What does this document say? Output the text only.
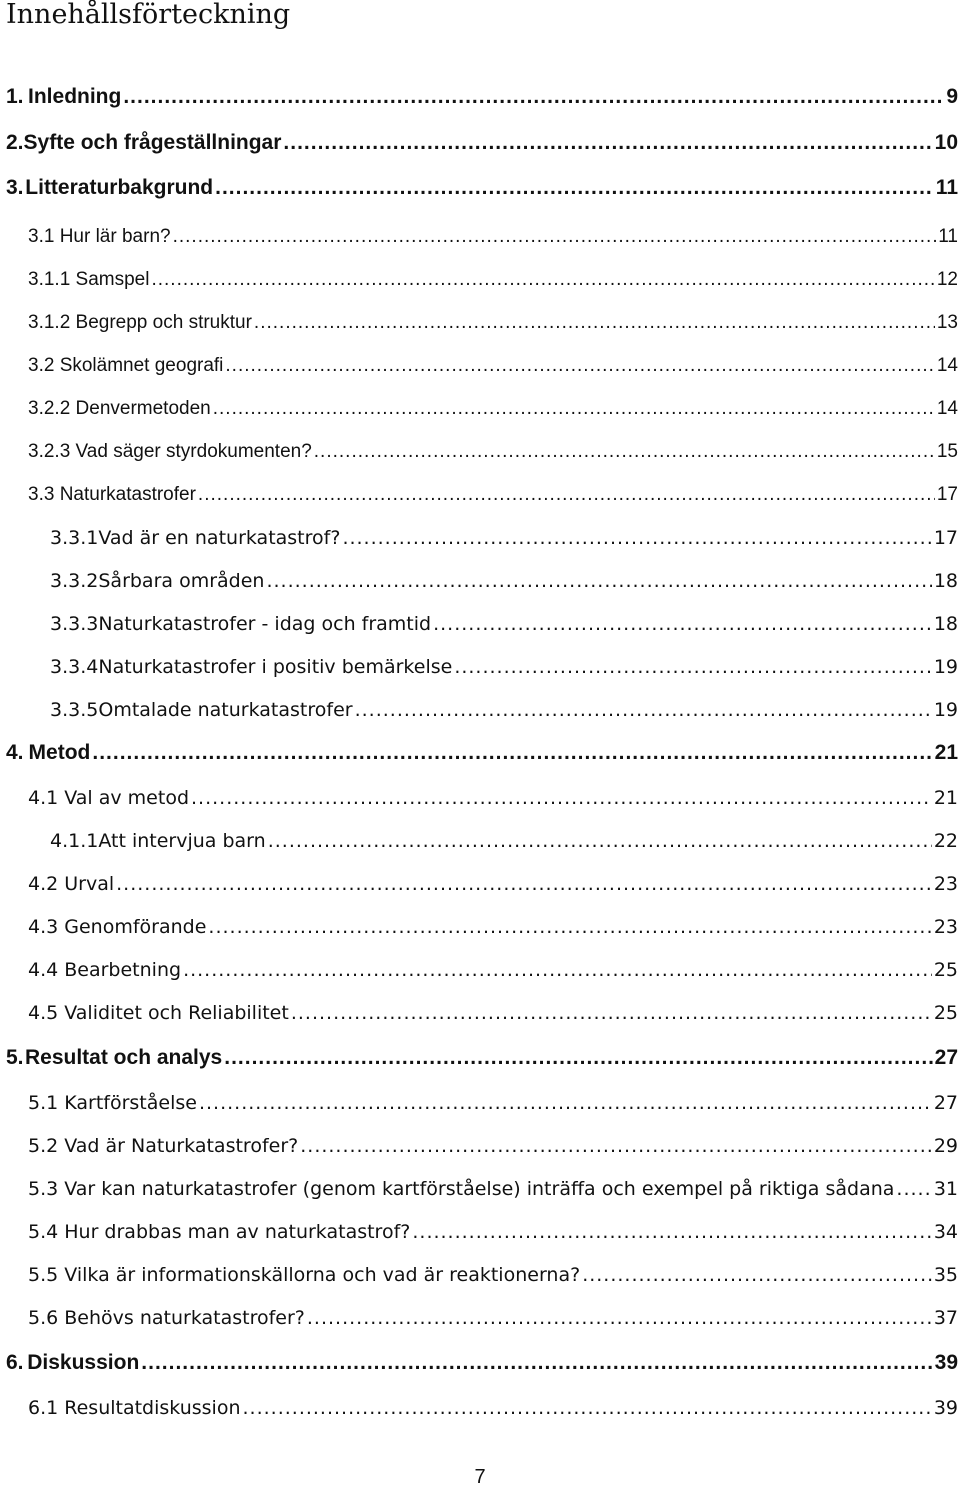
Innehållsförteckning
1. Inledning .....	9
2. Syfte och frågeställningar .....	10
3. Litteraturbakgrund .....	11
3.1 Hur lär barn? .....	11
3.1.1 Samspel .....	12
3.1.2 Begrepp och struktur .....	13
3.2 Skolämnet geografi .....	14
3.2.2 Denvermetoden .....	14
3.2.3 Vad säger styrdokumenten? .....	15
3.3 Naturkatastrofer .....	17
3.3.1 Vad är en naturkatastrof? .....	17
3.3.2 Sårbara områden .....	18
3.3.3 Naturkatastrofer - idag och framtid .....	18
3.3.4 Naturkatastrofer i positiv bemärkelse .....	19
3.3.5 Omtalade naturkatastrofer .....	19
4. Metod .....	21
4.1 Val av metod .....	21
4.1.1 Att intervjua barn .....	22
4.2 Urval .....	23
4.3 Genomförande .....	23
4.4 Bearbetning .....	25
4.5 Validitet och Reliabilitet .....	25
5. Resultat och analys .....	27
5.1 Kartförståelse .....	27
5.2 Vad är Naturkatastrofer? .....	29
5.3 Var kan naturkatastrofer (genom kartförståelse) inträffa och exempel på riktiga sådana ..... 31
5.4 Hur drabbas man av naturkatastrof? .....	34
5.5 Vilka är informationskällorna och vad är reaktionerna? .....	35
5.6 Behövs naturkatastrofer? .....	37
6. Diskussion .....	39
6.1 Resultatdiskussion .....	39
7
